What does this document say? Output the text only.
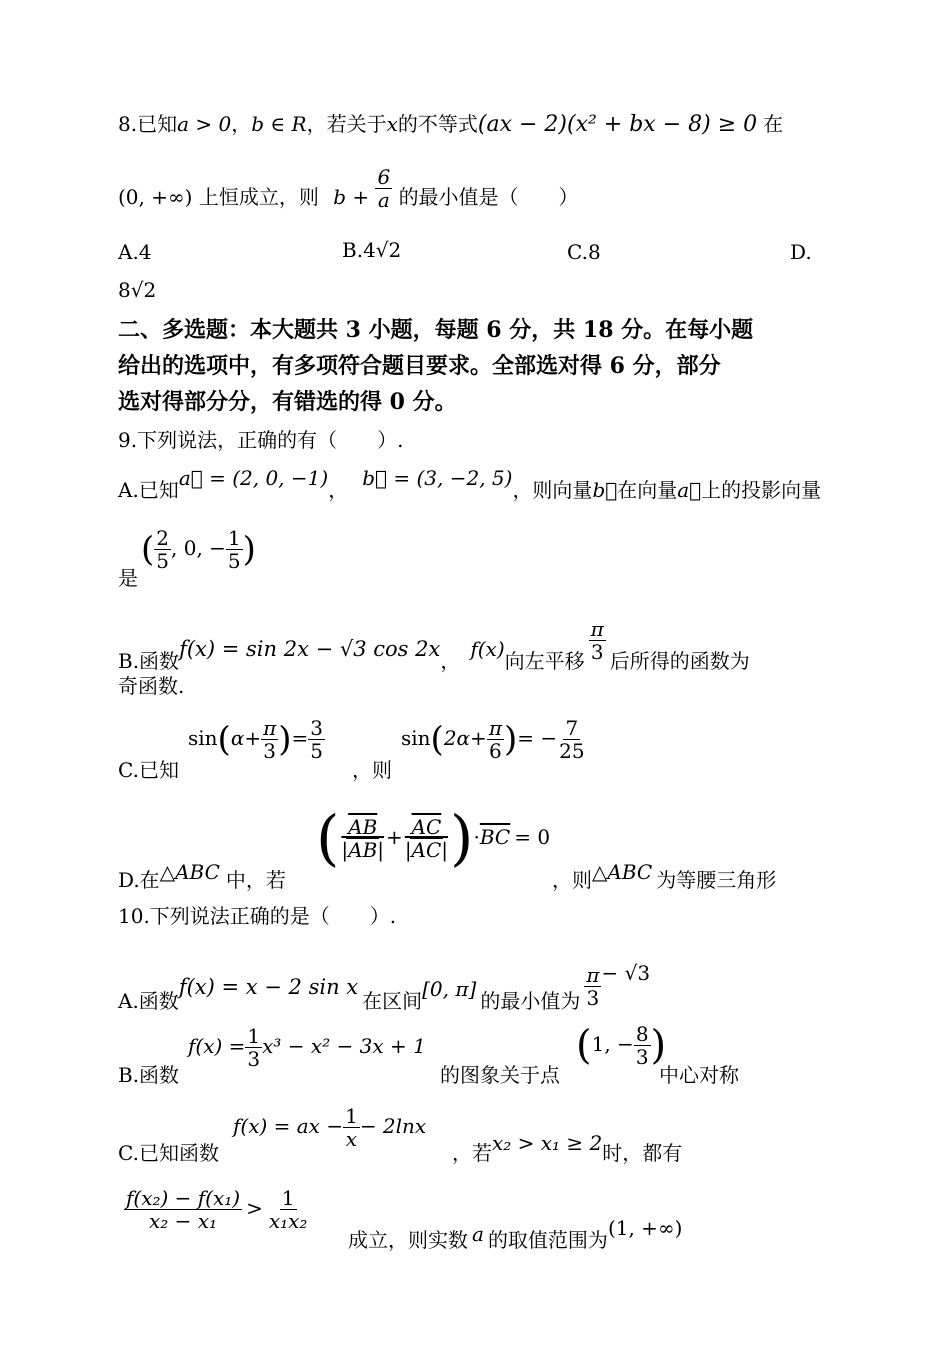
8.已知a > 0，b ∈ R，若关于x的不等式(ax − 2)(x² + bx − 8) ≥ 0 在
(0, +∞) 上恒成立，则 $b + \frac{6}{a}$ 的最小值是（　　）
A.4	B.4√2	C.8	D.
8√2
二、多选题：本大题共 3 小题，每题 6 分，共 18 分。在每小题
给出的选项中，有多项符合题目要求。全部选对得 6 分，部分
选对得部分分，有错选的得 0 分。
9.下列说法，正确的有（　　）.
A.已知a⃗ = (2, 0, −1)， b⃗ = (3, −2, 5)，则向量b⃗在向量a⃗上的投影向量
( $\frac{2}{5}$ , 0, − $\frac{1}{5}$ )
是
B.函数f(x) = sin 2x − √3 cos 2x， f(x)向左平移 $\frac{\pi}{3}$ 后所得的函数为
奇函数.
$\sin(\alpha+ \frac{\pi}{3}$ )= $\frac{3}{5}$	$\sin(2\alpha+ \frac{\pi}{6}$ )= − $\frac{7}{25}$
C.已知	，则
( $\frac{\overline{AB}}{|AB|} + \frac{\overline{AC}}{|AC|} )\cdot\overline{BC} = 0$
D.在△ABC 中，若	，则△ABC 为等腰三角形
10.下列说法正确的是（　　）.
A.函数f(x) = x − 2 sin x在区间[0, π] 的最小值为 $\frac{\pi}{3} - √3$
$f(x) = \frac{1}{3} x^3 - x^2 - 3x + 1$	(1, − $\frac{8}{3}$ )
B.函数	的图象关于点	中心对称
f(x) = ax − $\frac{1}{x} - 2\ln x$
C.已知函数	，若x₂ > x₁ ≥ 2时，都有
$\frac{\text{f(x₂) − f(x₁)}}{\text{x₂ − x₁}} > \frac{1}{\text{x₁x₂}}$
成立，则实数 a 的取值范围为(1, +∞)
